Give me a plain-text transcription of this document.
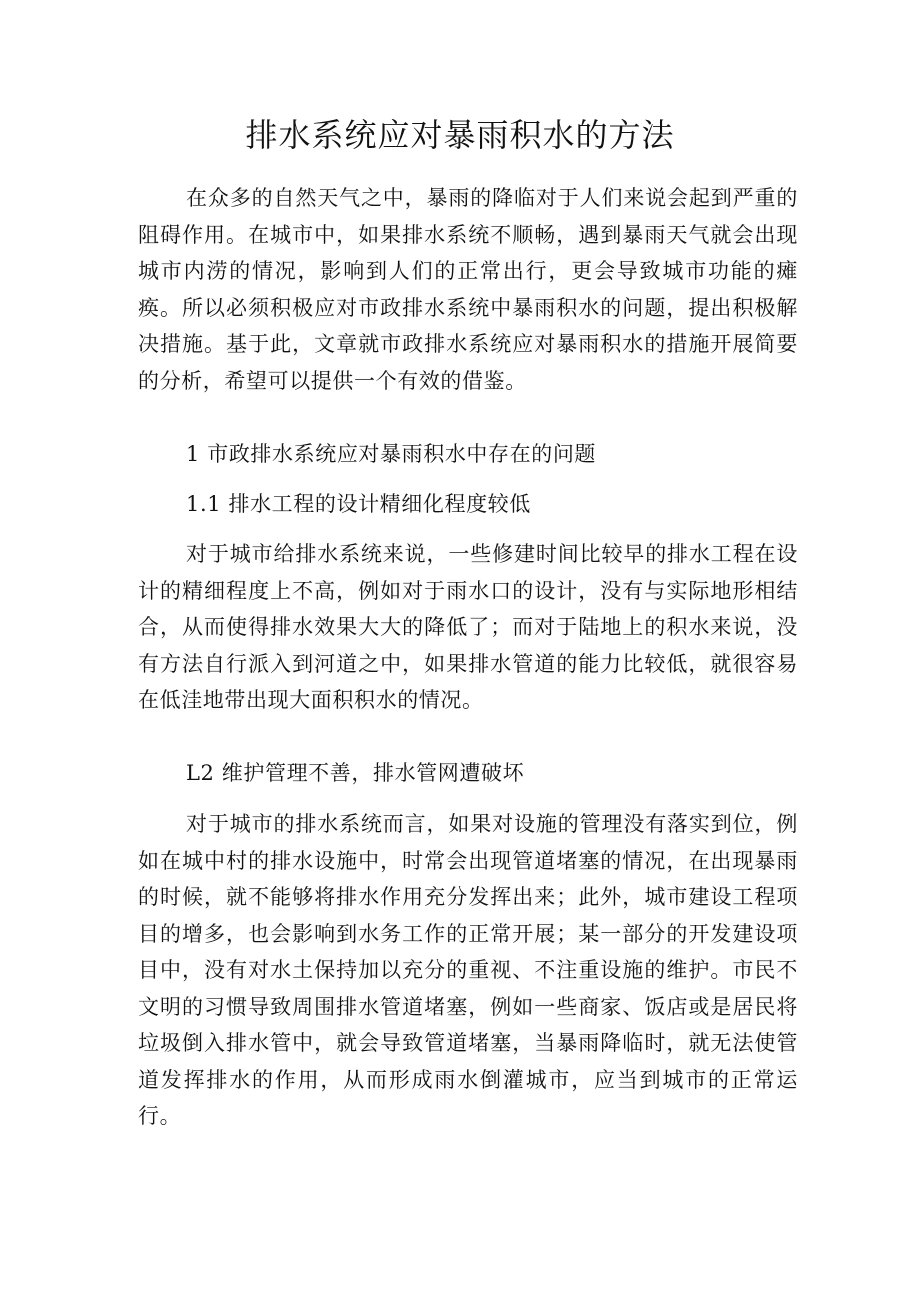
排水系统应对暴雨积水的方法

在众多的自然天气之中，暴雨的降临对于人们来说会起到严重的阻碍作用。在城市中，如果排水系统不顺畅，遇到暴雨天气就会出现城市内涝的情况，影响到人们的正常出行，更会导致城市功能的瘫痪。所以必须积极应对市政排水系统中暴雨积水的问题，提出积极解决措施。基于此，文章就市政排水系统应对暴雨积水的措施开展简要的分析，希望可以提供一个有效的借鉴。

1 市政排水系统应对暴雨积水中存在的问题

1.1 排水工程的设计精细化程度较低

对于城市给排水系统来说，一些修建时间比较早的排水工程在设计的精细程度上不高，例如对于雨水口的设计，没有与实际地形相结合，从而使得排水效果大大的降低了；而对于陆地上的积水来说，没有方法自行派入到河道之中，如果排水管道的能力比较低，就很容易在低洼地带出现大面积积水的情况。

L2 维护管理不善，排水管网遭破坏

对于城市的排水系统而言，如果对设施的管理没有落实到位，例如在城中村的排水设施中，时常会出现管道堵塞的情况，在出现暴雨的时候，就不能够将排水作用充分发挥出来；此外，城市建设工程项目的增多，也会影响到水务工作的正常开展；某一部分的开发建设项目中，没有对水土保持加以充分的重视、不注重设施的维护。市民不文明的习惯导致周围排水管道堵塞，例如一些商家、饭店或是居民将垃圾倒入排水管中，就会导致管道堵塞，当暴雨降临时，就无法使管道发挥排水的作用，从而形成雨水倒灌城市，应当到城市的正常运行。
